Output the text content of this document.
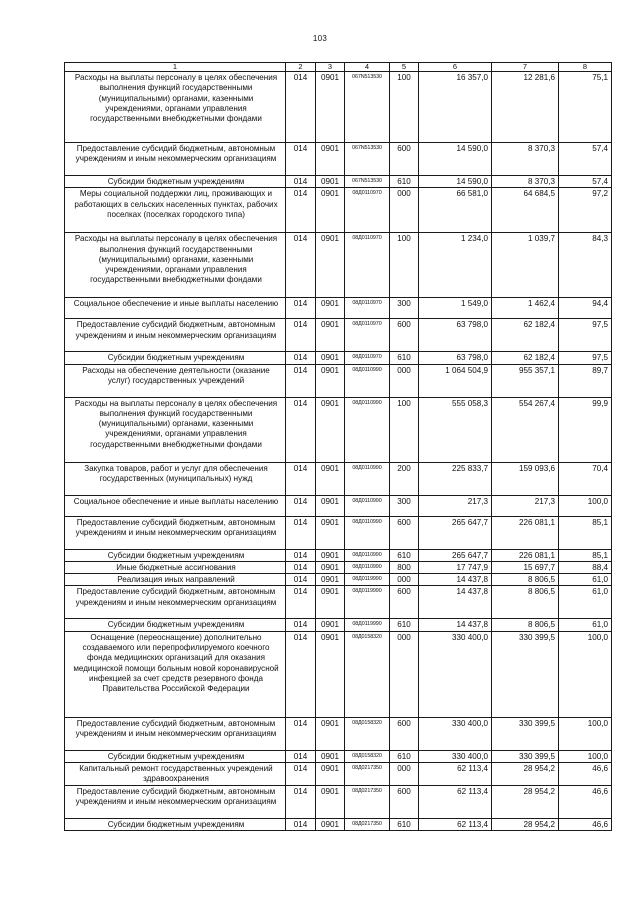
103
1	2	3	4	5	6	7	8
Расходы на выплаты персоналу в целях обеспечения выполнения функций государственными (муниципальными) органами, казенными учреждениями, органами управления государственными внебюджетными фондами	014	0901	067N513530	100	16 357,0	12 281,6	75,1
Предоставление субсидий бюджетным, автономным учреждениям и иным некоммерческим организациям	014	0901	067N513530	600	14 590,0	8 370,3	57,4
Субсидии бюджетным учреждениям	014	0901	067N513530	610	14 590,0	8 370,3	57,4
Меры социальной поддержки лиц, проживающих и работающих в сельских населенных пунктах, рабочих поселках (поселках городского типа)	014	0901	08Д0110970	000	66 581,0	64 684,5	97,2
Расходы на выплаты персоналу в целях обеспечения выполнения функций государственными (муниципальными) органами, казенными учреждениями, органами управления государственными внебюджетными фондами	014	0901	08Д0110970	100	1 234,0	1 039,7	84,3
Социальное обеспечение и иные выплаты населению	014	0901	08Д0110970	300	1 549,0	1 462,4	94,4
Предоставление субсидий бюджетным, автономным учреждениям и иным некоммерческим организациям	014	0901	08Д0110970	600	63 798,0	62 182,4	97,5
Субсидии бюджетным учреждениям	014	0901	08Д0110970	610	63 798,0	62 182,4	97,5
Расходы на обеспечение деятельности (оказание услуг) государственных учреждений	014	0901	08Д0110990	000	1 064 504,9	955 357,1	89,7
Расходы на выплаты персоналу в целях обеспечения выполнения функций государственными (муниципальными) органами, казенными учреждениями, органами управления государственными внебюджетными фондами	014	0901	08Д0110990	100	555 058,3	554 267,4	99,9
Закупка товаров, работ и услуг для обеспечения государственных (муниципальных) нужд	014	0901	08Д0110990	200	225 833,7	159 093,6	70,4
Социальное обеспечение и иные выплаты населению	014	0901	08Д0110990	300	217,3	217,3	100,0
Предоставление субсидий бюджетным, автономным учреждениям и иным некоммерческим организациям	014	0901	08Д0110990	600	265 647,7	226 081,1	85,1
Субсидии бюджетным учреждениям	014	0901	08Д0110990	610	265 647,7	226 081,1	85,1
Иные бюджетные ассигнования	014	0901	08Д0110990	800	17 747,9	15 697,7	88,4
Реализация иных направлений	014	0901	08Д0119990	000	14 437,8	8 806,5	61,0
Предоставление субсидий бюджетным, автономным учреждениям и иным некоммерческим организациям	014	0901	08Д0119990	600	14 437,8	8 806,5	61,0
Субсидии бюджетным учреждениям	014	0901	08Д0119990	610	14 437,8	8 806,5	61,0
Оснащение (переоснащение) дополнительно создаваемого или перепрофилируемого коечного фонда медицинских организаций для оказания медицинской помощи больным новой коронавирусной инфекцией за счет средств резервного фонда Правительства Российской Федерации	014	0901	08Д0158320	000	330 400,0	330 399,5	100,0
Предоставление субсидий бюджетным, автономным учреждениям и иным некоммерческим организациям	014	0901	08Д0158320	600	330 400,0	330 399,5	100,0
Субсидии бюджетным учреждениям	014	0901	08Д0158320	610	330 400,0	330 399,5	100,0
Капитальный ремонт государственных учреждений здравоохранения	014	0901	08Д0217350	000	62 113,4	28 954,2	46,6
Предоставление субсидий бюджетным, автономным учреждениям и иным некоммерческим организациям	014	0901	08Д0217350	600	62 113,4	28 954,2	46,6
Субсидии бюджетным учреждениям	014	0901	08Д0217350	610	62 113,4	28 954,2	46,6
